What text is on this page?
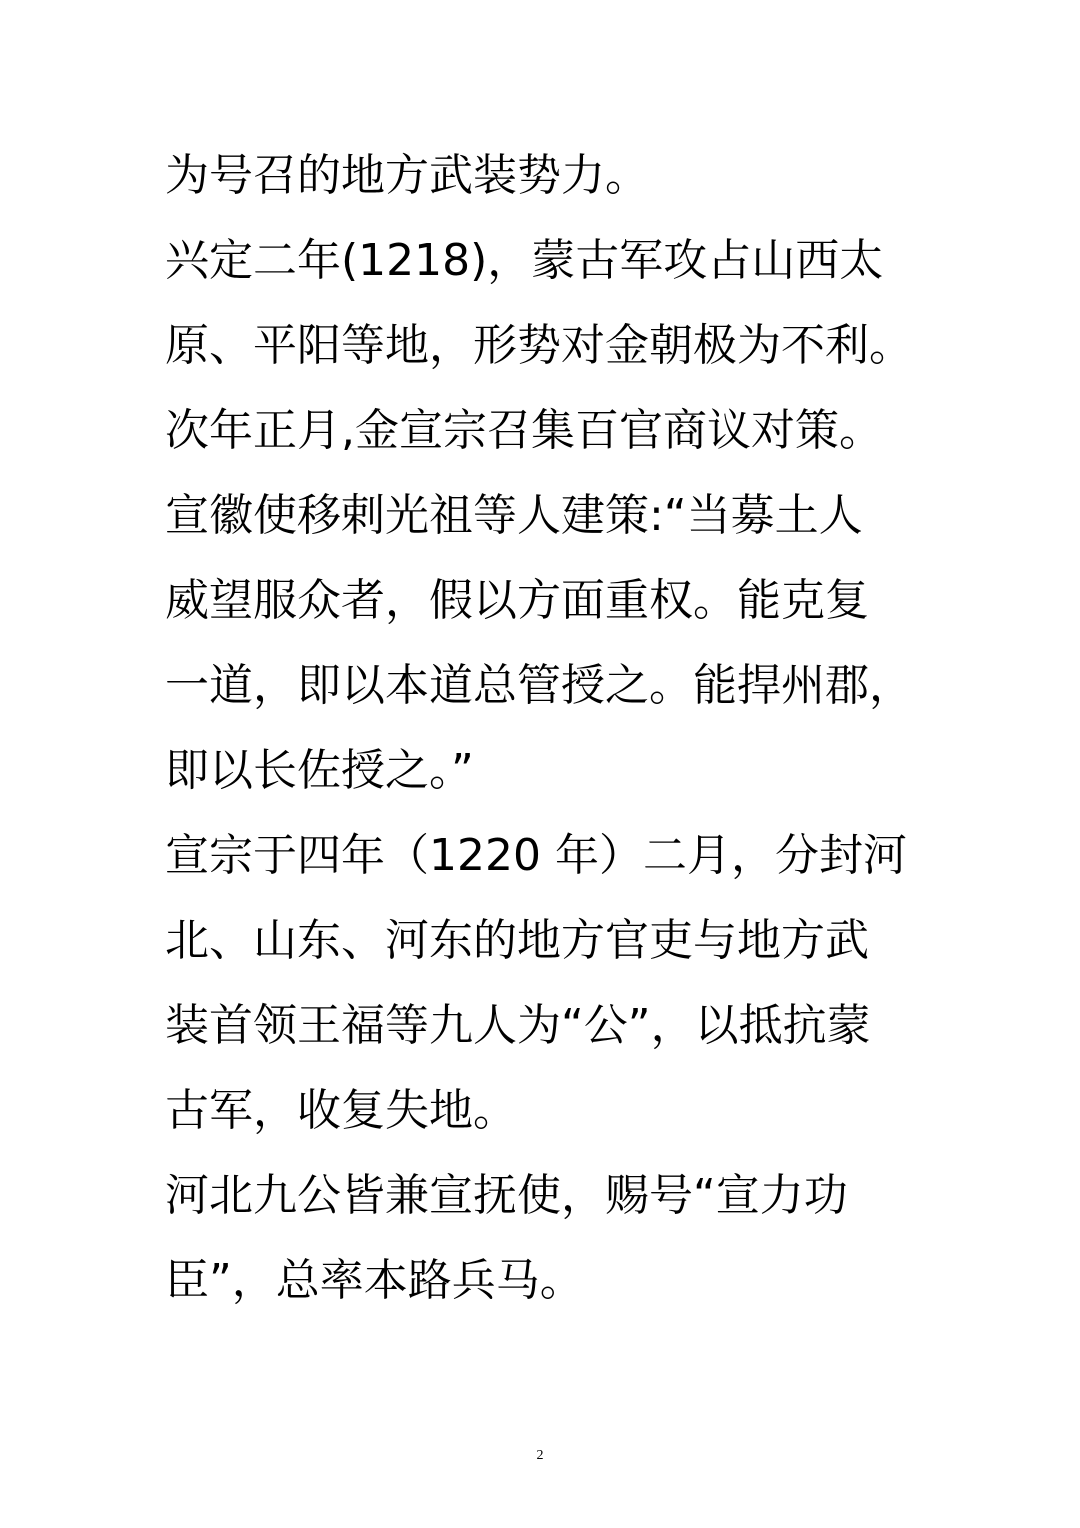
为号召的地方武装势力。
兴定二年(1218)，蒙古军攻占山西太
原、平阳等地，形势对金朝极为不利。
次年正月,金宣宗召集百官商议对策。
宣徽使移剌光祖等人建策:“当募土人
威望服众者，假以方面重权。能克复
一道，即以本道总管授之。能捍州郡，
即以长佐授之。”
宣宗于四年（1220 年）二月，分封河
北、山东、河东的地方官吏与地方武
装首领王福等九人为“公”，以抵抗蒙
古军，收复失地。
河北九公皆兼宣抚使，赐号“宣力功
臣”，总率本路兵马。
2
